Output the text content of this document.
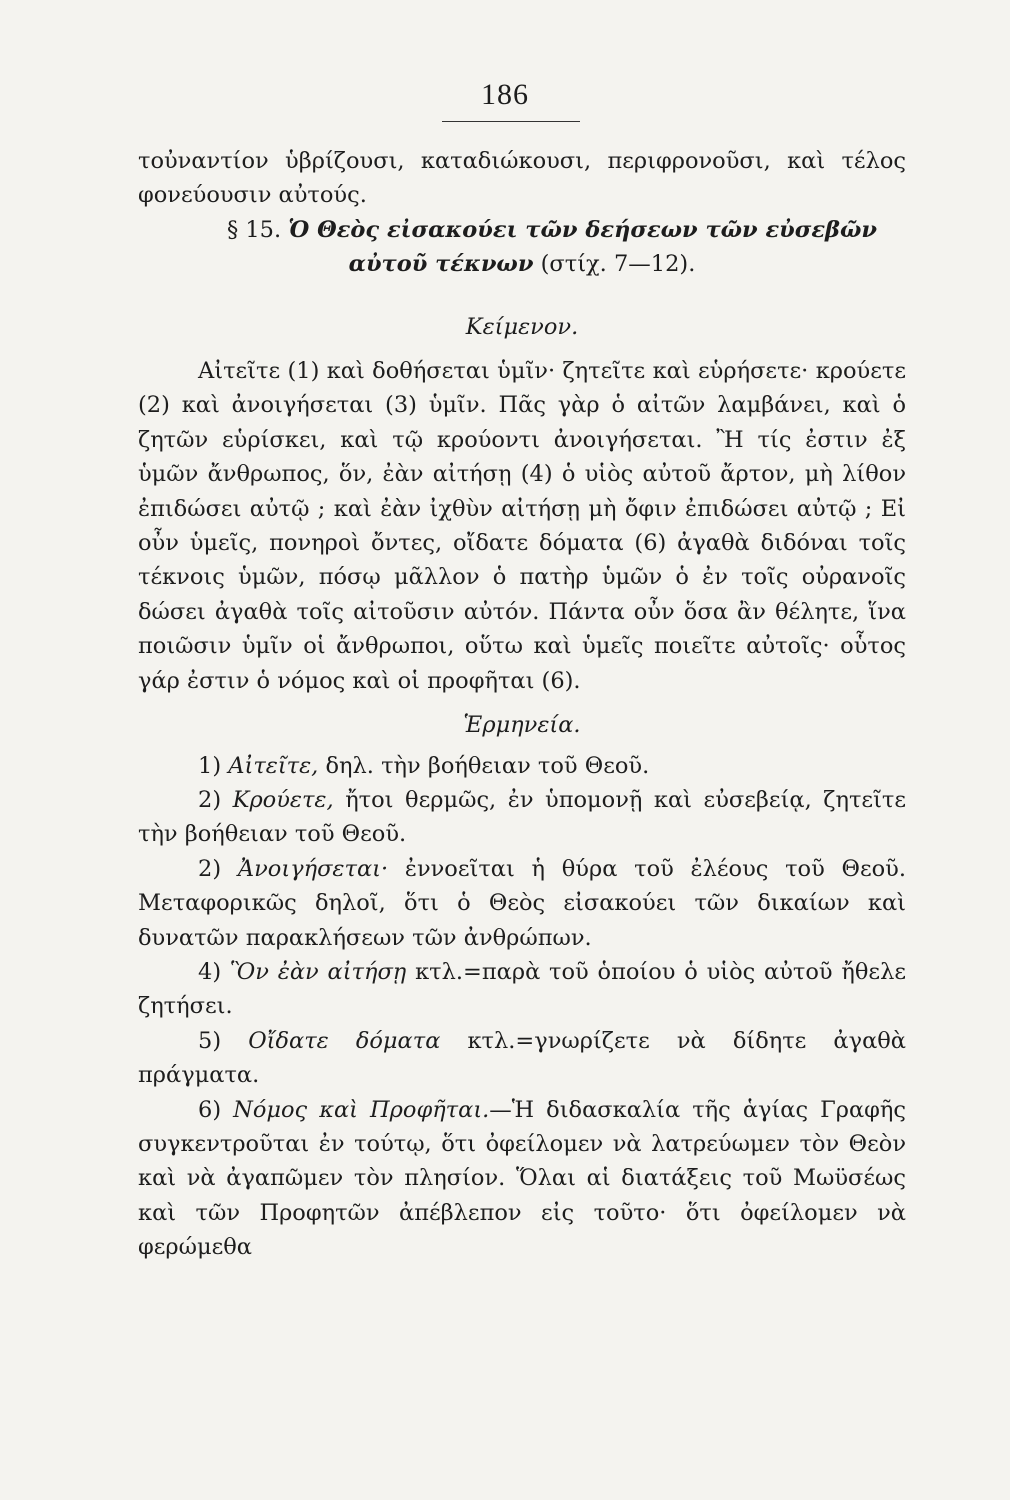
186

τοὐναντίον ὑβρίζουσι, καταδιώκουσι, περιφρονοῦσι, καὶ τέλος φονεύουσιν αὐτούς.

§ 15. Ὁ Θεὸς εἰσακούει τῶν δεήσεων τῶν εὐσεβῶν αὐτοῦ τέκνων (στίχ. 7—12).

Κείμενον.

Αἰτεῖτε (1) καὶ δοθήσεται ὑμῖν· ζητεῖτε καὶ εὑρήσετε· κρούετε (2) καὶ ἀνοιγήσεται (3) ὑμῖν. Πᾶς γὰρ ὁ αἰτῶν λαμβάνει, καὶ ὁ ζητῶν εὑρίσκει, καὶ τῷ κρούοντι ἀνοιγήσεται. Ἢ τίς ἐστιν ἐξ ὑμῶν ἄνθρωπος, ὅν, ἐὰν αἰτήσῃ (4) ὁ υἱὸς αὐτοῦ ἄρτον, μὴ λίθον ἐπιδώσει αὐτῷ ; καὶ ἐὰν ἰχθὺν αἰτήσῃ μὴ ὄφιν ἐπιδώσει αὐτῷ ; Εἰ οὖν ὑμεῖς, πονηροὶ ὄντες, οἴδατε δόματα (6) ἀγαθὰ διδόναι τοῖς τέκνοις ὑμῶν, πόσῳ μᾶλλον ὁ πατὴρ ὑμῶν ὁ ἐν τοῖς οὐρανοῖς δώσει ἀγαθὰ τοῖς αἰτοῦσιν αὐτόν. Πάντα οὖν ὅσα ἂν θέλητε, ἵνα ποιῶσιν ὑμῖν οἱ ἄνθρωποι, οὕτω καὶ ὑμεῖς ποιεῖτε αὐτοῖς· οὗτος γάρ ἐστιν ὁ νόμος καὶ οἱ προφῆται (6).

Ἑρμηνεία.

1) Αἰτεῖτε, δηλ. τὴν βοήθειαν τοῦ Θεοῦ.

2) Κρούετε, ἤτοι θερμῶς, ἐν ὑπομονῇ καὶ εὐσεβείᾳ, ζητεῖτε τὴν βοήθειαν τοῦ Θεοῦ.

2) Ἀνοιγήσεται· ἐννοεῖται ἡ θύρα τοῦ ἐλέους τοῦ Θεοῦ. Μεταφορικῶς δηλοῖ, ὅτι ὁ Θεὸς εἰσακούει τῶν δικαίων καὶ δυνατῶν παρακλήσεων τῶν ἀνθρώπων.

4) Ὃν ἐὰν αἰτήσῃ κτλ.=παρὰ τοῦ ὁποίου ὁ υἱὸς αὐτοῦ ἤθελε ζητήσει.

5) Οἴδατε δόματα κτλ.=γνωρίζετε νὰ δίδητε ἀγαθὰ πράγματα.

6) Νόμος καὶ Προφῆται.—Ἡ διδασκαλία τῆς ἁγίας Γραφῆς συγκεντροῦται ἐν τούτῳ, ὅτι ὀφείλομεν νὰ λατρεύωμεν τὸν Θεὸν καὶ νὰ ἀγαπῶμεν τὸν πλησίον. Ὅλαι αἱ διατάξεις τοῦ Μωϋσέως καὶ τῶν Προφητῶν ἀπέβλεπον εἰς τοῦτο· ὅτι ὀφείλομεν νὰ φερώμεθα
